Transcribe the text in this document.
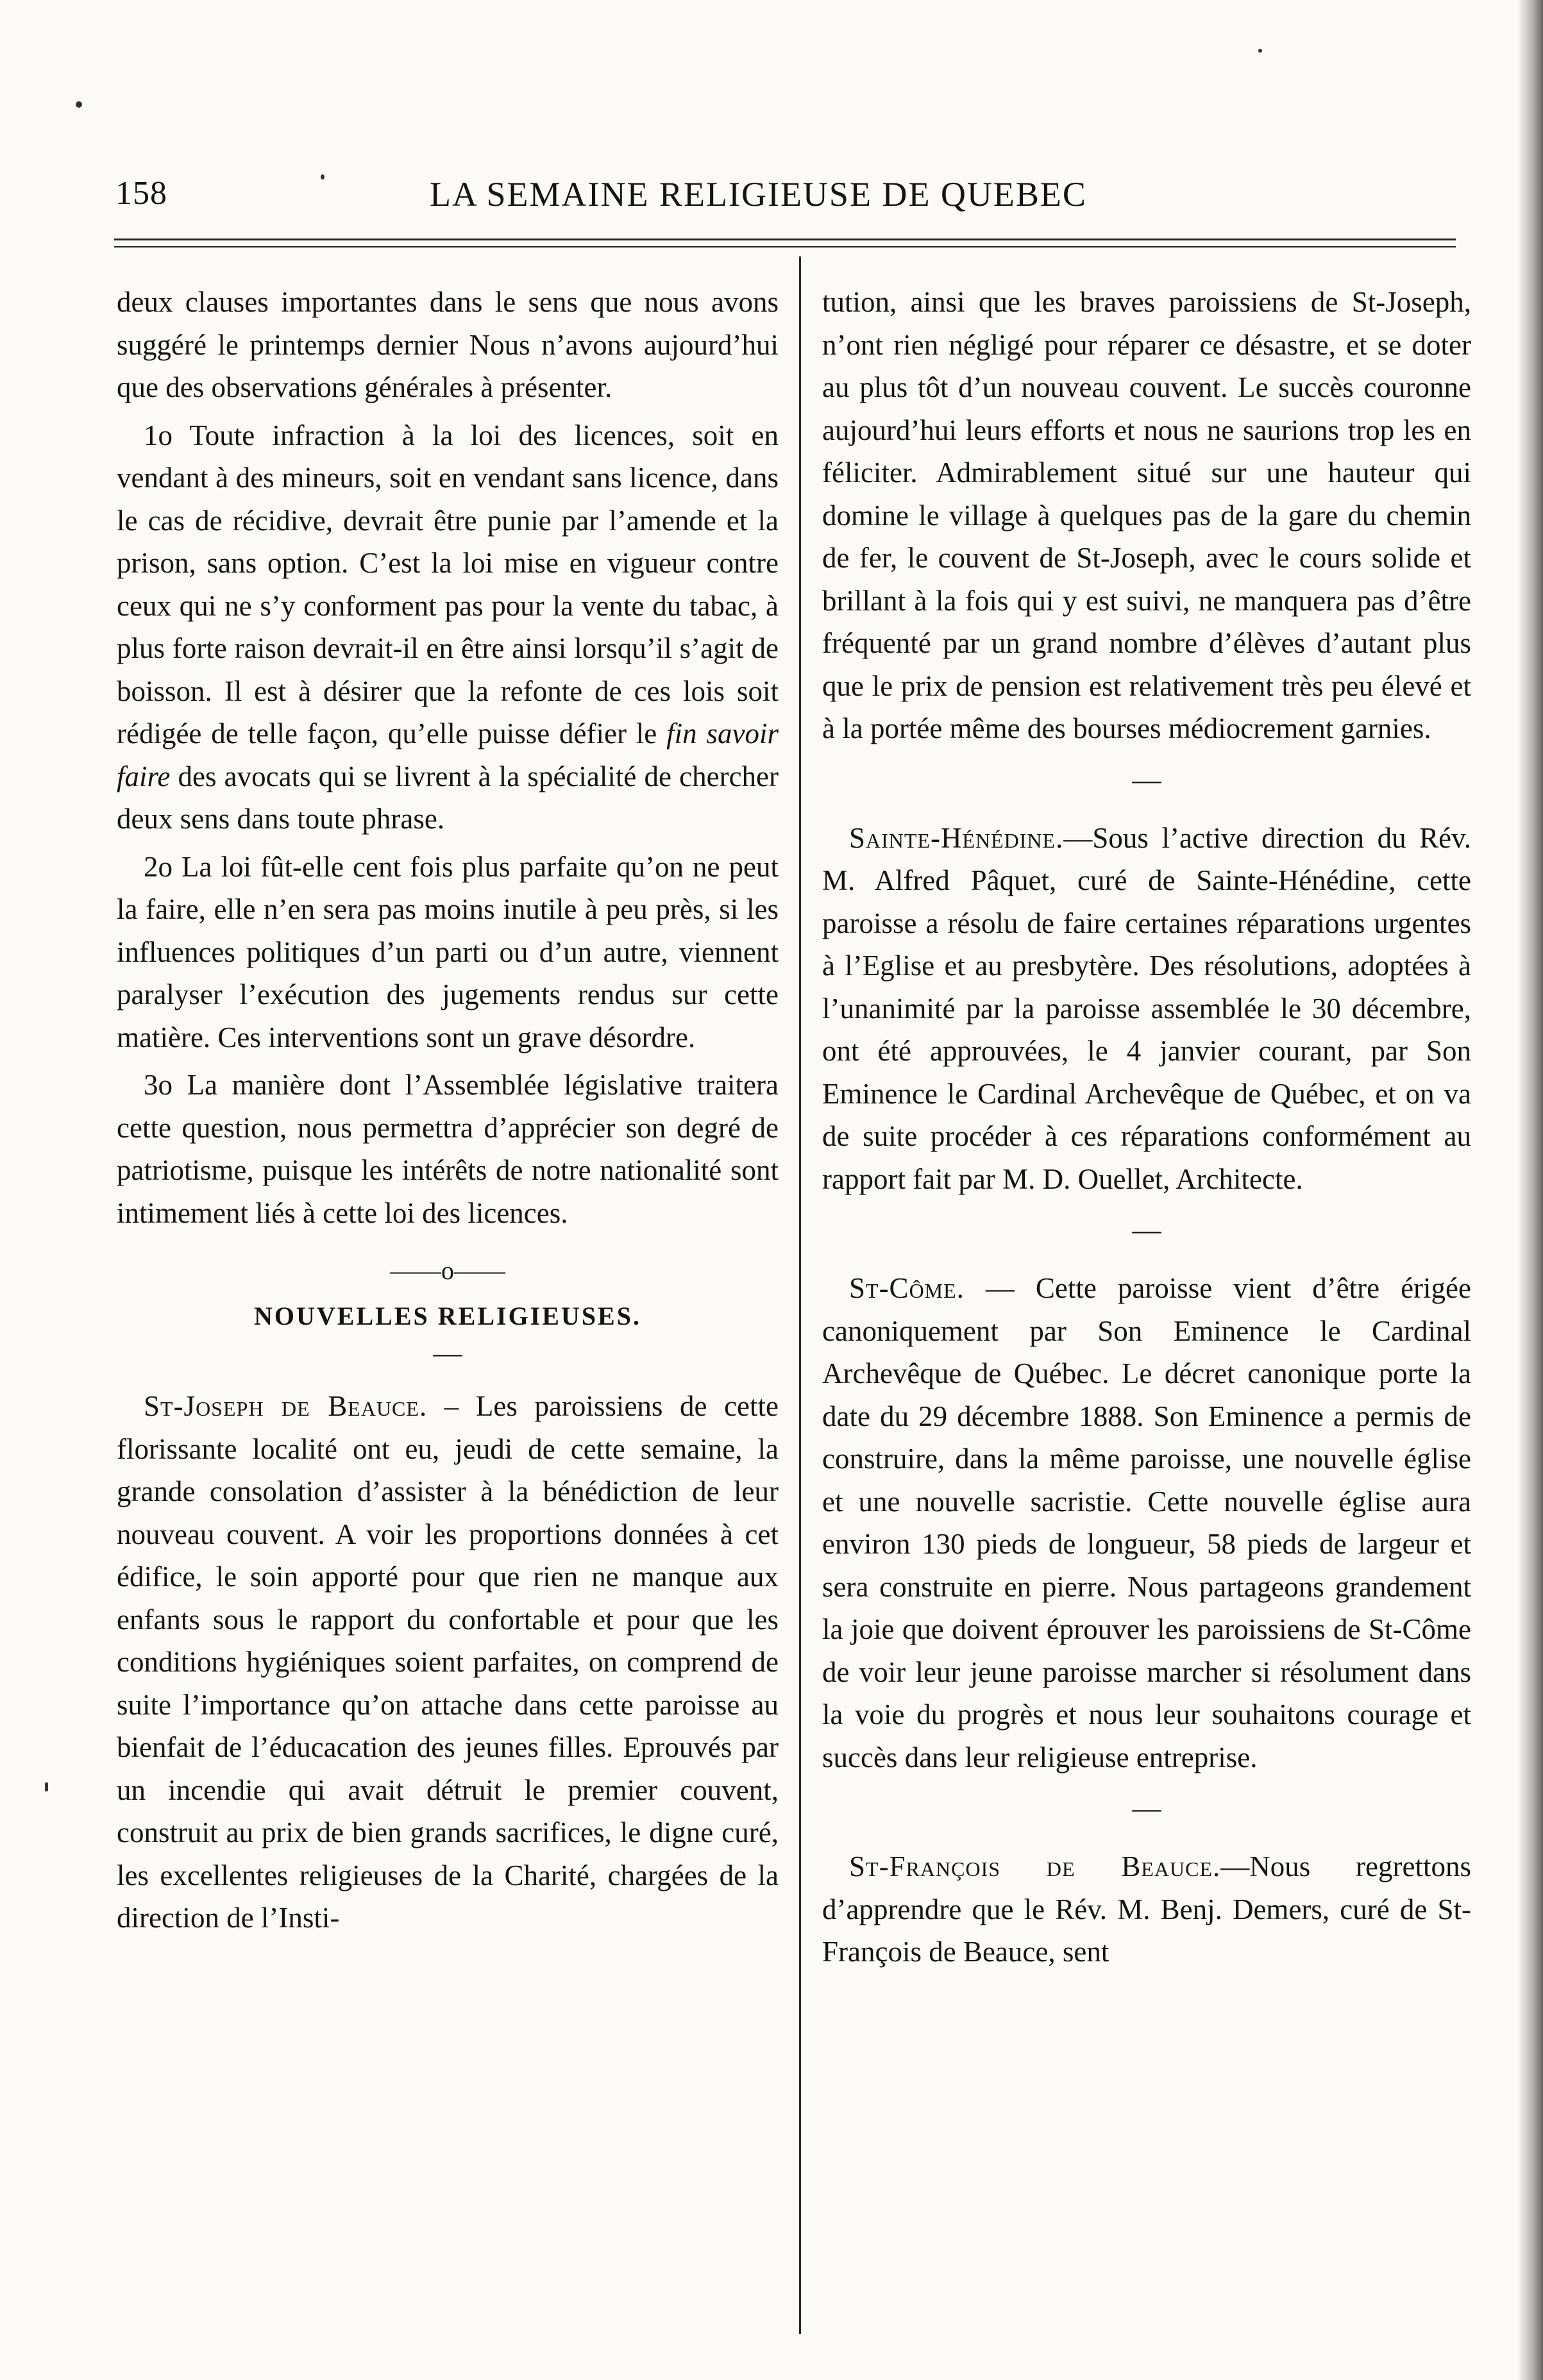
158	LA SEMAINE RELIGIEUSE DE QUEBEC

deux clauses importantes dans le sens que nous avons suggéré le printemps dernier Nous n’avons aujourd’hui que des observations générales à présenter.

1o Toute infraction à la loi des licences, soit en vendant à des mineurs, soit en vendant sans licence, dans le cas de récidive, devrait être punie par l’amende et la prison, sans option. C’est la loi mise en vigueur contre ceux qui ne s’y conforment pas pour la vente du tabac, à plus forte raison devrait-il en être ainsi lorsqu’il s’agit de boisson. Il est à désirer que la refonte de ces lois soit rédigée de telle façon, qu’elle puisse défier le fin savoir faire des avocats qui se livrent à la spécialité de chercher deux sens dans toute phrase.

2o La loi fût-elle cent fois plus parfaite qu’on ne peut la faire, elle n’en sera pas moins inutile à peu près, si les influences politiques d’un parti ou d’un autre, viennent paralyser l’exécution des jugements rendus sur cette matière. Ces interventions sont un grave désordre.

3o La manière dont l’Assemblée législative traitera cette question, nous permettra d’apprécier son degré de patriotisme, puisque les intérêts de notre nationalité sont intimement liés à cette loi des licences.

——o——
NOUVELLES RELIGIEUSES.
—

St-Joseph de Beauce. – Les paroissiens de cette florissante localité ont eu, jeudi de cette semaine, la grande consolation d’assister à la bénédiction de leur nouveau couvent. A voir les proportions données à cet édifice, le soin apporté pour que rien ne manque aux enfants sous le rapport du confortable et pour que les conditions hygiéniques soient parfaites, on comprend de suite l’importance qu’on attache dans cette paroisse au bienfait de l’éducacation des jeunes filles. Eprouvés par un incendie qui avait détruit le premier couvent, construit au prix de bien grands sacrifices, le digne curé, les excellentes religieuses de la Charité, chargées de la direction de l’Insti-

tution, ainsi que les braves paroissiens de St-Joseph, n’ont rien négligé pour réparer ce désastre, et se doter au plus tôt d’un nouveau couvent. Le succès couronne aujourd’hui leurs efforts et nous ne saurions trop les en féliciter. Admirablement situé sur une hauteur qui domine le village à quelques pas de la gare du chemin de fer, le couvent de St-Joseph, avec le cours solide et brillant à la fois qui y est suivi, ne manquera pas d’être fréquenté par un grand nombre d’élèves d’autant plus que le prix de pension est relativement très peu élevé et à la portée même des bourses médiocrement garnies.

—

Sainte-Hénédine.—Sous l’active direction du Rév. M. Alfred Pâquet, curé de Sainte-Hénédine, cette paroisse a résolu de faire certaines réparations urgentes à l’Eglise et au presbytère. Des résolutions, adoptées à l’unanimité par la paroisse assemblée le 30 décembre, ont été approuvées, le 4 janvier courant, par Son Eminence le Cardinal Archevêque de Québec, et on va de suite procéder à ces réparations conformément au rapport fait par M. D. Ouellet, Architecte.

—

St-Côme. — Cette paroisse vient d’être érigée canoniquement par Son Eminence le Cardinal Archevêque de Québec. Le décret canonique porte la date du 29 décembre 1888. Son Eminence a permis de construire, dans la même paroisse, une nouvelle église et une nouvelle sacristie. Cette nouvelle église aura environ 130 pieds de longueur, 58 pieds de largeur et sera construite en pierre. Nous partageons grandement la joie que doivent éprouver les paroissiens de St-Côme de voir leur jeune paroisse marcher si résolument dans la voie du progrès et nous leur souhaitons courage et succès dans leur religieuse entreprise.

—

St-François de Beauce.—Nous regrettons d’apprendre que le Rév. M. Benj. Demers, curé de St-François de Beauce, sent
